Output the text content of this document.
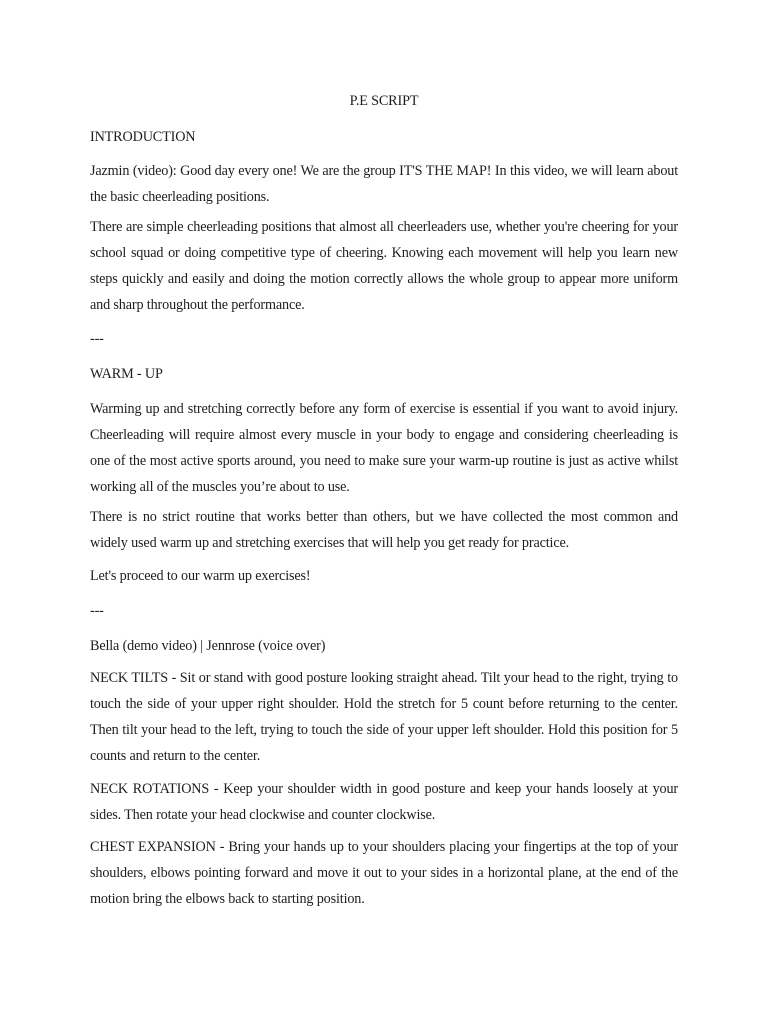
P.E SCRIPT

INTRODUCTION

Jazmin (video): Good day every one! We are the group IT'S THE MAP! In this video, we will learn about the basic cheerleading positions.

There are simple cheerleading positions that almost all cheerleaders use, whether you're cheering for your school squad or doing competitive type of cheering. Knowing each movement will help you learn new steps quickly and easily and doing the motion correctly allows the whole group to appear more uniform and sharp throughout the performance.

---

WARM - UP

Warming up and stretching correctly before any form of exercise is essential if you want to avoid injury. Cheerleading will require almost every muscle in your body to engage and considering cheerleading is one of the most active sports around, you need to make sure your warm-up routine is just as active whilst working all of the muscles you’re about to use.

There is no strict routine that works better than others, but we have collected the most common and widely used warm up and stretching exercises that will help you get ready for practice.

Let's proceed to our warm up exercises!

---

Bella (demo video) | Jennrose (voice over)

NECK TILTS - Sit or stand with good posture looking straight ahead. Tilt your head to the right, trying to touch the side of your upper right shoulder. Hold the stretch for 5 count before returning to the center. Then tilt your head to the left, trying to touch the side of your upper left shoulder. Hold this position for 5 counts and return to the center.

NECK ROTATIONS - Keep your shoulder width in good posture and keep your hands loosely at your sides. Then rotate your head clockwise and counter clockwise.

CHEST EXPANSION - Bring your hands up to your shoulders placing your fingertips at the top of your shoulders, elbows pointing forward and move it out to your sides in a horizontal plane, at the end of the motion bring the elbows back to starting position.
